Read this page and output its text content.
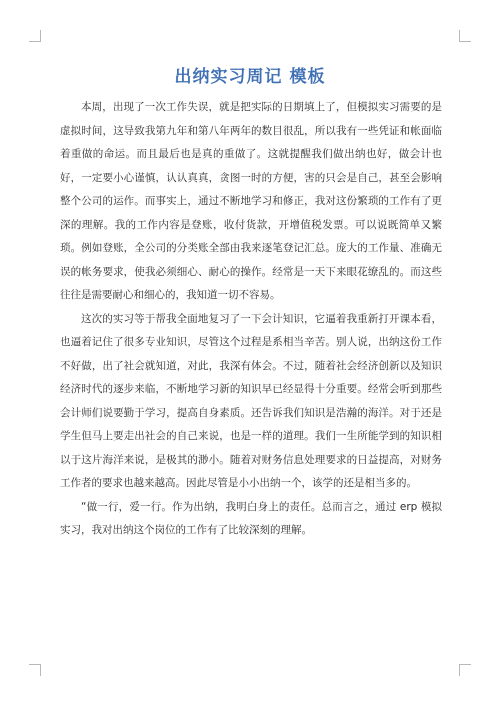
出纳实习周记 模板

本周，出现了一次工作失误，就是把实际的日期填上了，但模拟实习需要的是虚拟时间，这导致我第九年和第八年两年的数目很乱，所以我有一些凭证和帐面临着重做的命运。而且最后也是真的重做了。这就提醒我们做出纳也好，做会计也好，一定要小心谨慎，认认真真，贪图一时的方便，害的只会是自己，甚至会影响整个公司的运作。而事实上，通过不断地学习和修正，我对这份繁琐的工作有了更深的理解。我的工作内容是登账，收付货款，开增值税发票。可以说既简单又繁琐。例如登账，全公司的分类账全部由我来逐笔登记汇总。庞大的工作量、准确无误的帐务要求，使我必须细心、耐心的操作。经常是一天下来眼花缭乱的。而这些往往是需要耐心和细心的，我知道一切不容易。

这次的实习等于帮我全面地复习了一下会计知识，它逼着我重新打开课本看，也逼着记住了很多专业知识，尽管这个过程是系相当辛苦。别人说，出纳这份工作不好做，出了社会就知道，对此，我深有体会。不过，随着社会经济创新以及知识经济时代的逐步来临，不断地学习新的知识早已经显得十分重要。经常会听到那些会计师们说要勤于学习，提高自身素质。还告诉我们知识是浩瀚的海洋。对于还是学生但马上要走出社会的自己来说，也是一样的道理。我们一生所能学到的知识相以于这片海洋来说，是极其的渺小。随着对财务信息处理要求的日益提高，对财务工作者的要求也越来越高。因此尽管是小小出纳一个，该学的还是相当多的。

“做一行，爱一行。作为出纳，我明白身上的责任。总而言之，通过 erp 模拟实习，我对出纳这个岗位的工作有了比较深刻的理解。
